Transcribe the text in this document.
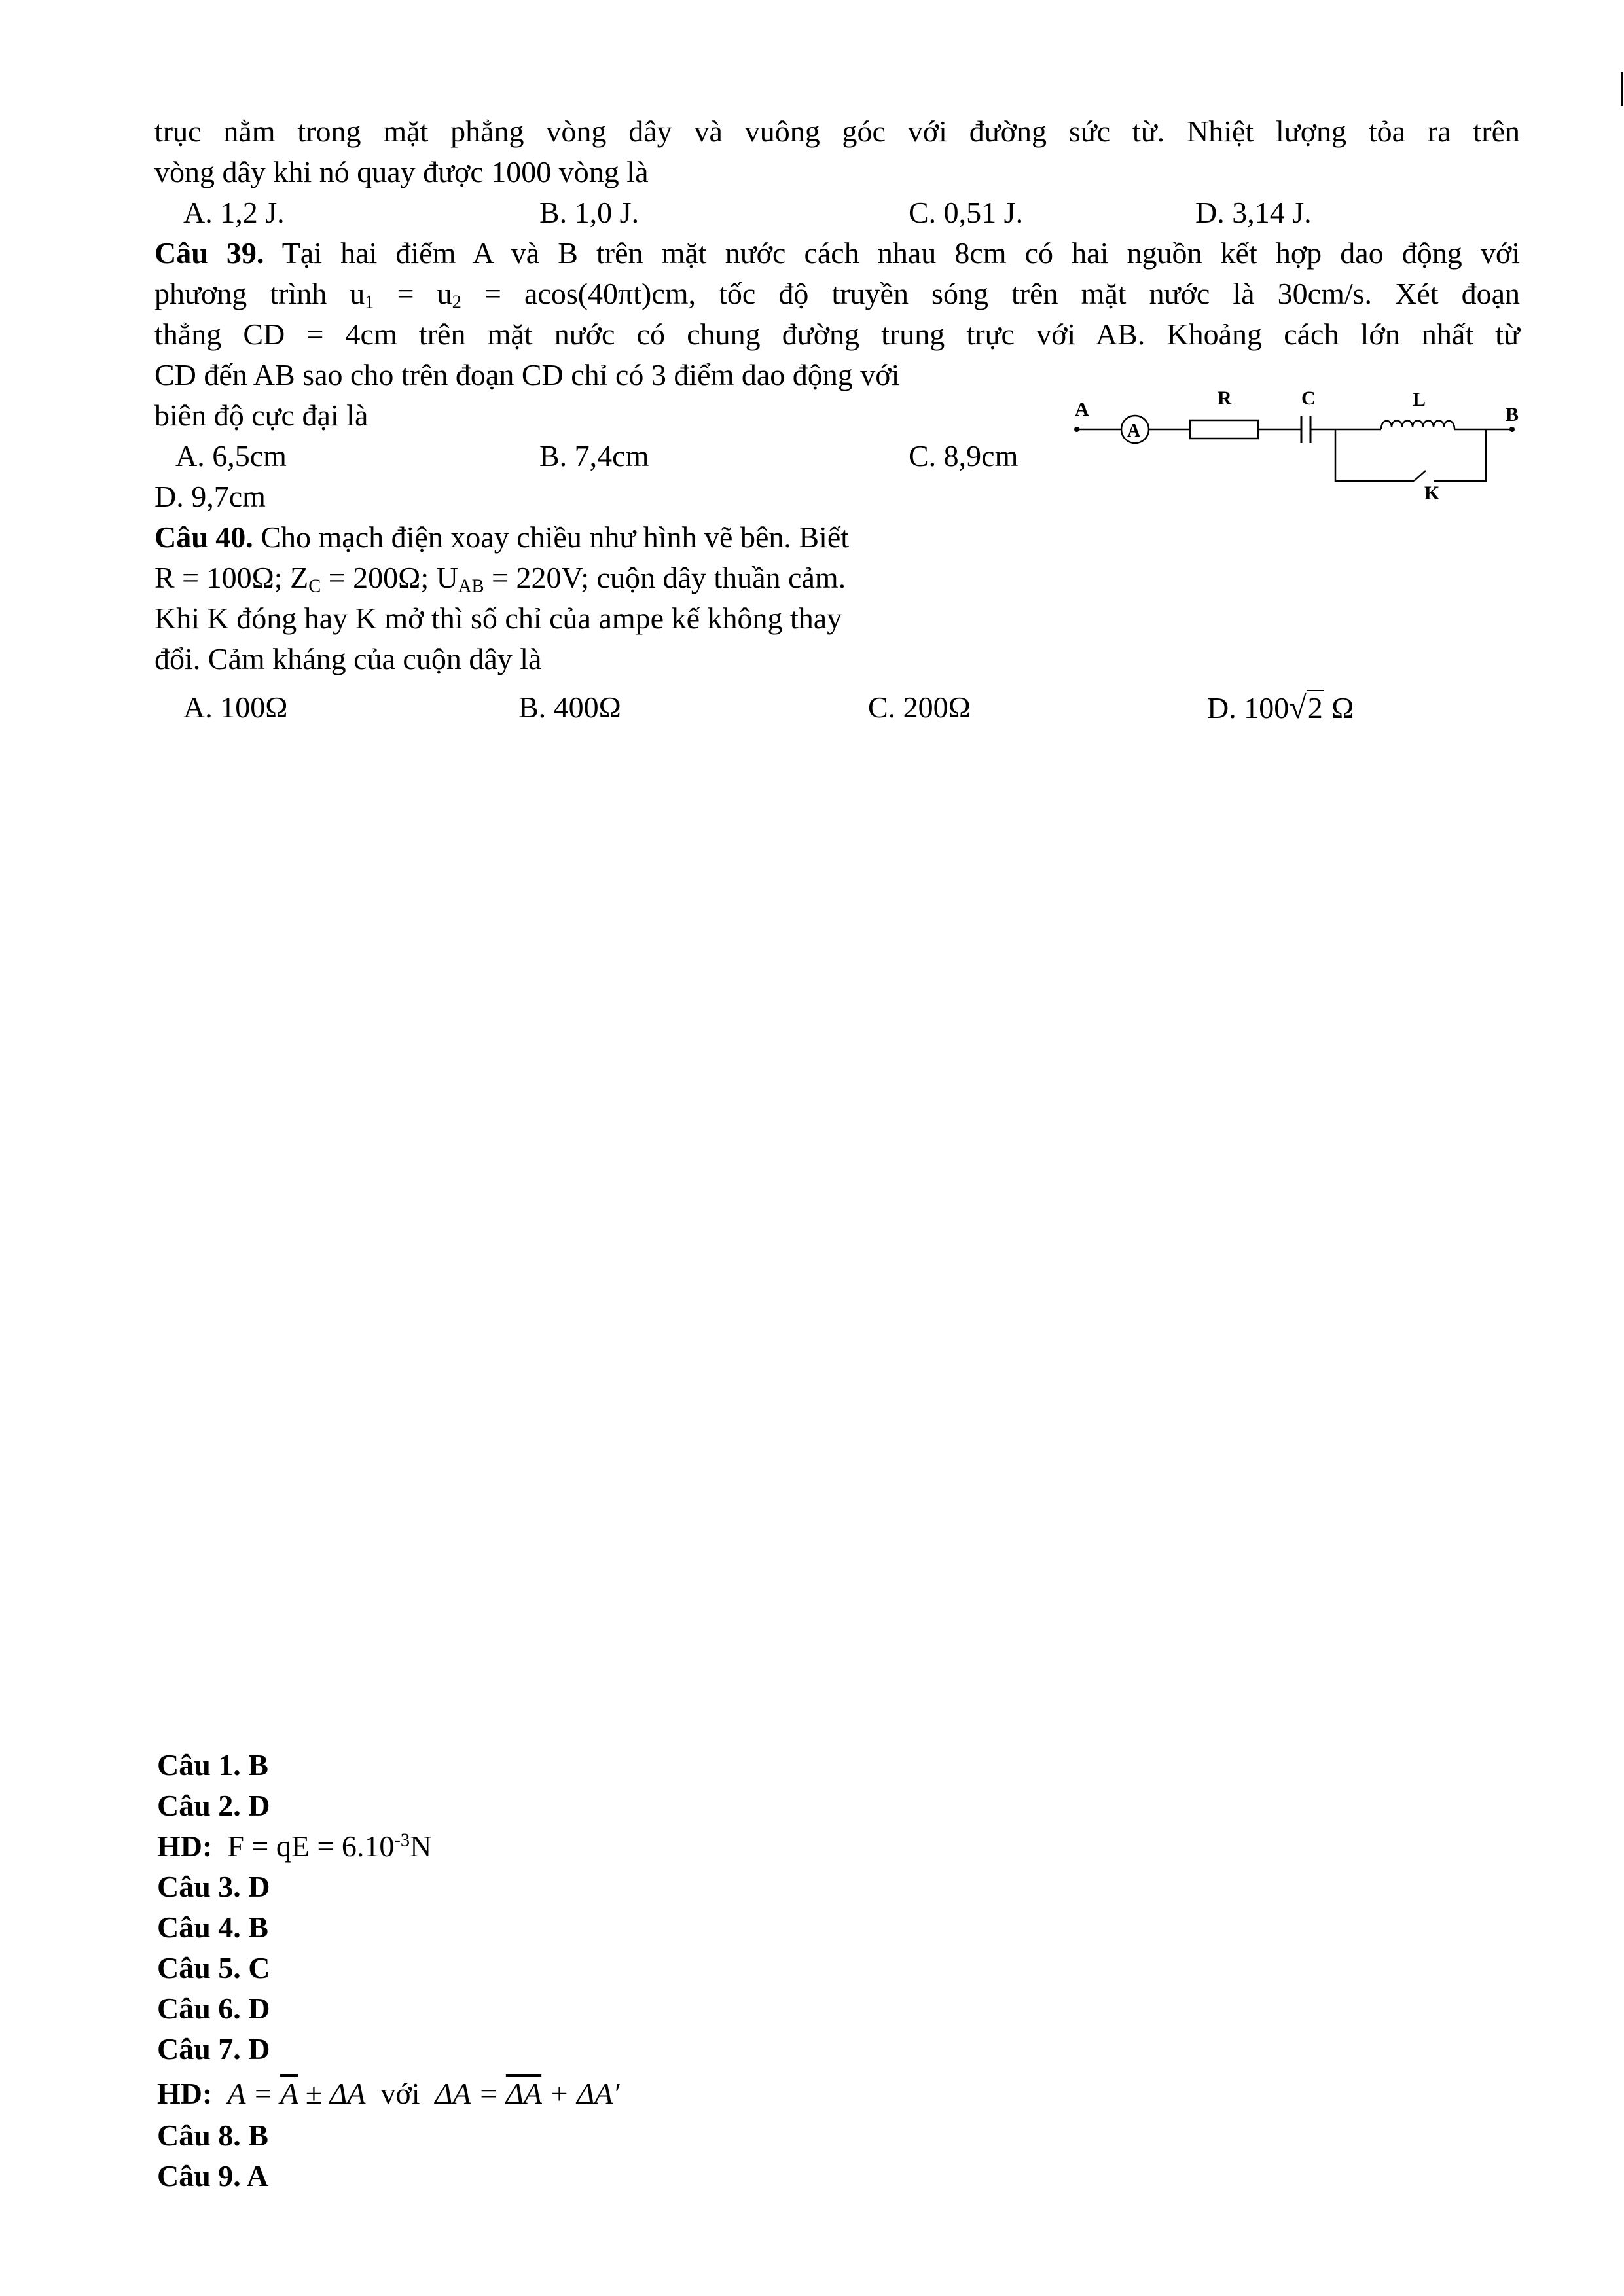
trục nằm trong mặt phẳng vòng dây và vuông góc với đường sức từ. Nhiệt lượng tỏa ra trên
vòng dây khi nó quay được 1000 vòng là
A. 1,2 J.	B. 1,0 J.	C. 0,51 J.	D. 3,14 J.
Câu 39. Tại hai điểm A và B trên mặt nước cách nhau 8cm có hai nguồn kết hợp dao động với
phương trình $u_1 = u_2 = acos(40\pi t)cm$, tốc độ truyền sóng trên mặt nước là 30cm/s. Xét đoạn
thẳng CD = 4cm trên mặt nước có chung đường trung trực với AB. Khoảng cách lớn nhất từ
CD đến AB sao cho trên đoạn CD chỉ có 3 điểm dao động với
biên độ cực đại là
A. 6,5cm	B. 7,4cm	C. 8,9cm
D. 9,7cm
A
R	C	L
B
K
A
Câu 40. Cho mạch điện xoay chiều như hình vẽ bên. Biết
R = 100Ω; $Z_C = 200\Omega$; $U_{AB} = 220V$; cuộn dây thuần cảm.
Khi K đóng hay K mở thì số chỉ của ampe kế không thay
đổi. Cảm kháng của cuộn dây là
A. 100Ω	B. 400Ω	C. 200Ω	D. 100√2 Ω
Câu 1. B
Câu 2. D
HD: F = qE = $6.10^{-3}N$
Câu 3. D
Câu 4. B
Câu 5. C
Câu 6. D
Câu 7. D
HD: $A = \overline{A} \pm \Delta A$ với $\Delta A = \overline{\Delta A} + \Delta A'$
Câu 8. B
Câu 9. A
